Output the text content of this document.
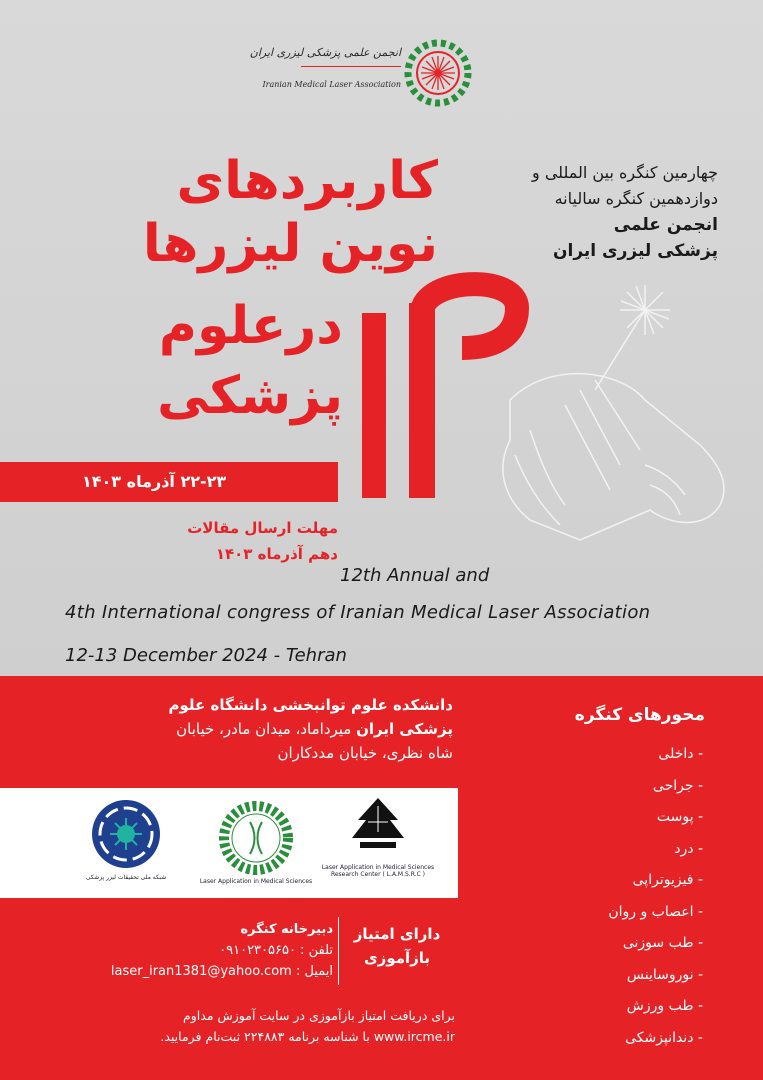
انجمن علمی پزشکی لیزری ایران
Iranian Medical Laser Association
چهارمین کنگره بین المللی و
دوازدهمین کنگره سالیانه
انجمن علمی
پزشکی لیزری ایران
کاربردهای
نوین لیزرها
درعلوم
پزشکی
۲۲-۲۳ آذرماه ۱۴۰۳
مهلت ارسال مقالات
دهم آذرماه ۱۴۰۳
12th Annual and
4th International congress of Iranian Medical Laser Association
12-13 December 2024 - Tehran
دانشکده علوم توانبخشی دانشگاه علوم
پزشکی ایران میرداماد، میدان مادر، خیابان
شاه نظری، خیابان مددکاران
محورهای کنگره
- داخلی
- جراحی
- پوست
- درد
- فیزیوتراپی
- اعصاب و روان
- طب سوزنی
- نوروساینس
- طب ورزش
- دندانپزشکی
شبکه ملی تحقیقات لیزر پزشکی
Laser Application in Medical Sciences
Laser Application in Medical Sciences Research Center ( L.A.M.S.R.C )
دبیرخانه کنگره
تلفن : ۰۹۱۰۲۳۰۵۶۵۰
ایمیل : laser_iran1381@yahoo.com
دارای امتیاز
بازآموزی
برای دریافت امتیاز بازآموزی در سایت آموزش مداوم
www.ircme.ir با شناسه برنامه ۲۲۴۸۸۳ ثبت‌نام فرمایید.
